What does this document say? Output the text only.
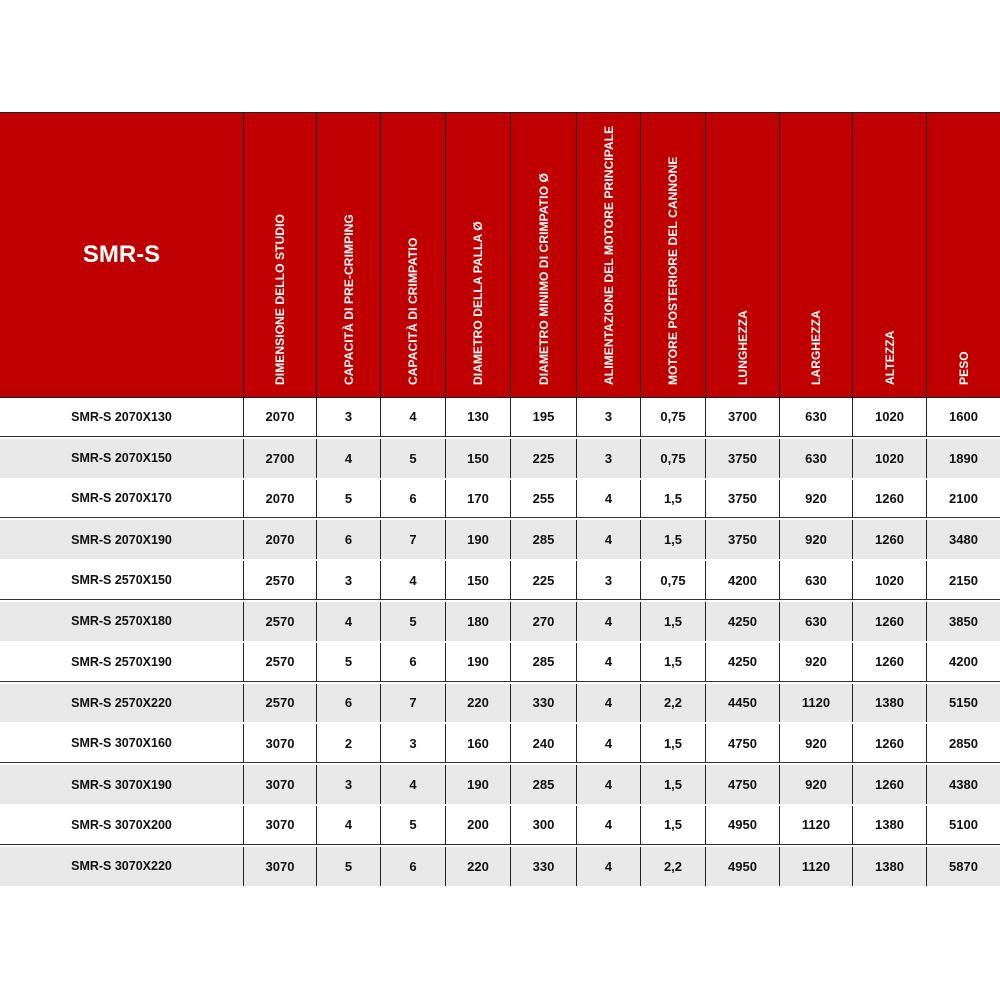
SMR-S	DIMENSIONE DELLO STUDIO	CAPACITÀ DI PRE-CRIMPING	CAPACITÀ DI CRIMPATIO	DIAMETRO DELLA PALLA Ø	DIAMETRO MINIMO DI CRIMPATIO Ø	ALIMENTAZIONE DEL MOTORE PRINCIPALE	MOTORE POSTERIORE DEL CANNONE	LUNGHEZZA	LARGHEZZA	ALTEZZA	PESO
SMR-S 2070X130	2070	3	4	130	195	3	0,75	3700	630	1020	1600
SMR-S 2070X150	2700	4	5	150	225	3	0,75	3750	630	1020	1890
SMR-S 2070X170	2070	5	6	170	255	4	1,5	3750	920	1260	2100
SMR-S 2070X190	2070	6	7	190	285	4	1,5	3750	920	1260	3480
SMR-S 2570X150	2570	3	4	150	225	3	0,75	4200	630	1020	2150
SMR-S 2570X180	2570	4	5	180	270	4	1,5	4250	630	1260	3850
SMR-S 2570X190	2570	5	6	190	285	4	1,5	4250	920	1260	4200
SMR-S 2570X220	2570	6	7	220	330	4	2,2	4450	1120	1380	5150
SMR-S 3070X160	3070	2	3	160	240	4	1,5	4750	920	1260	2850
SMR-S 3070X190	3070	3	4	190	285	4	1,5	4750	920	1260	4380
SMR-S 3070X200	3070	4	5	200	300	4	1,5	4950	1120	1380	5100
SMR-S 3070X220	3070	5	6	220	330	4	2,2	4950	1120	1380	5870
